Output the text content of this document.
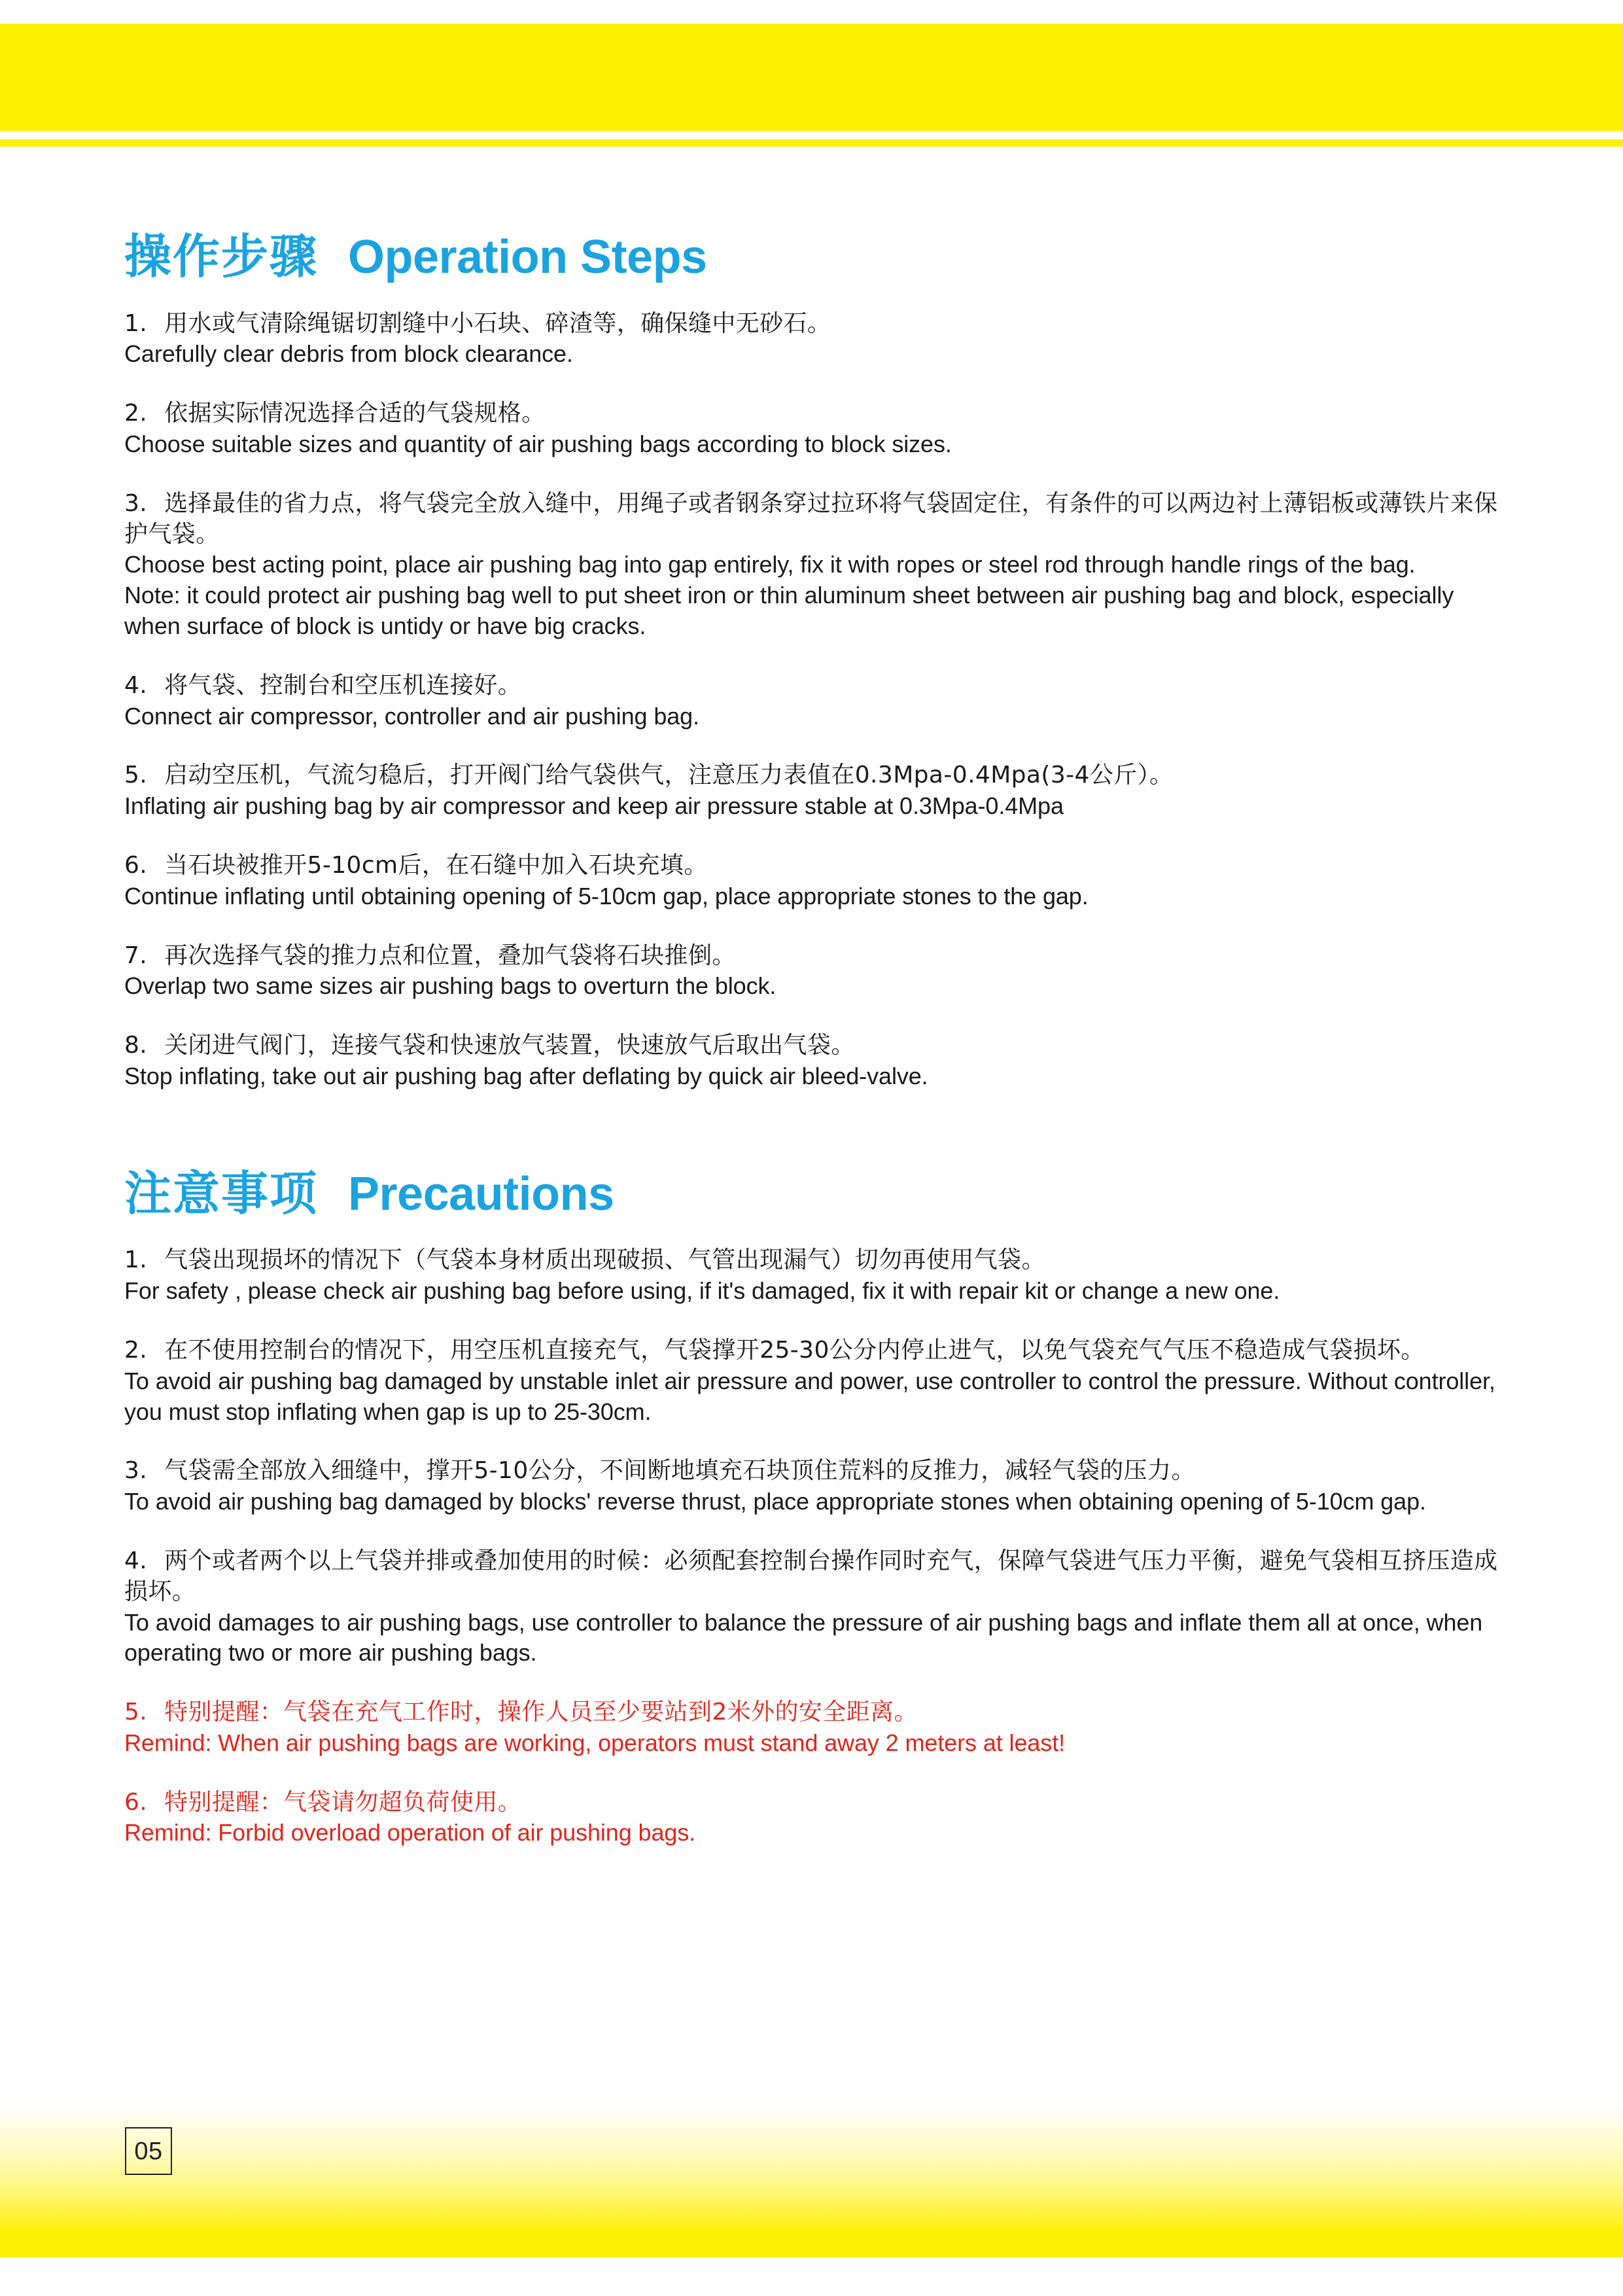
操作步骤 Operation Steps

1. 用水或气清除绳锯切割缝中小石块、碎渣等，确保缝中无砂石。

Carefully clear debris from block clearance.

2. 依据实际情况选择合适的气袋规格。

Choose suitable sizes and quantity of air pushing bags according to block sizes.

3. 选择最佳的省力点，将气袋完全放入缝中，用绳子或者钢条穿过拉环将气袋固定住，有条件的可以两边衬上薄铝板或薄铁片来保护气袋。

Choose best acting point, place air pushing bag into gap entirely, fix it with ropes or steel rod through handle rings of the bag.

Note: it could protect air pushing bag well to put sheet iron or thin aluminum sheet between air pushing bag and block, especially when surface of block is untidy or have big cracks.

4. 将气袋、控制台和空压机连接好。

Connect air compressor, controller and air pushing bag.

5. 启动空压机，气流匀稳后，打开阀门给气袋供气，注意压力表值在0.3Mpa-0.4Mpa(3-4公斤）。

Inflating air pushing bag by air compressor and keep air pressure stable at 0.3Mpa-0.4Mpa

6. 当石块被推开5-10cm后，在石缝中加入石块充填。

Continue inflating until obtaining opening of 5-10cm gap, place appropriate stones to the gap.

7. 再次选择气袋的推力点和位置，叠加气袋将石块推倒。

Overlap two same sizes air pushing bags to overturn the block.

8. 关闭进气阀门，连接气袋和快速放气装置，快速放气后取出气袋。

Stop inflating, take out air pushing bag after deflating by quick air bleed-valve.

注意事项 Precautions

1. 气袋出现损坏的情况下（气袋本身材质出现破损、气管出现漏气）切勿再使用气袋。

For safety , please check air pushing bag before using, if it's damaged, fix it with repair kit or change a new one.

2. 在不使用控制台的情况下，用空压机直接充气，气袋撑开25-30公分内停止进气，以免气袋充气气压不稳造成气袋损坏。

To avoid air pushing bag damaged by unstable inlet air pressure and power, use controller to control the pressure. Without controller, you must stop inflating when gap is up to 25-30cm.

3. 气袋需全部放入细缝中，撑开5-10公分，不间断地填充石块顶住荒料的反推力，减轻气袋的压力。

To avoid air pushing bag damaged by blocks' reverse thrust, place appropriate stones when obtaining opening of 5-10cm gap.

4. 两个或者两个以上气袋并排或叠加使用的时候：必须配套控制台操作同时充气，保障气袋进气压力平衡，避免气袋相互挤压造成损坏。

To avoid damages to air pushing bags, use controller to balance the pressure of air pushing bags and inflate them all at once, when operating two or more air pushing bags.

5. 特别提醒：气袋在充气工作时，操作人员至少要站到2米外的安全距离。

Remind: When air pushing bags are working, operators must stand away 2 meters at least!

6. 特别提醒：气袋请勿超负荷使用。

Remind: Forbid overload operation of air pushing bags.

05
